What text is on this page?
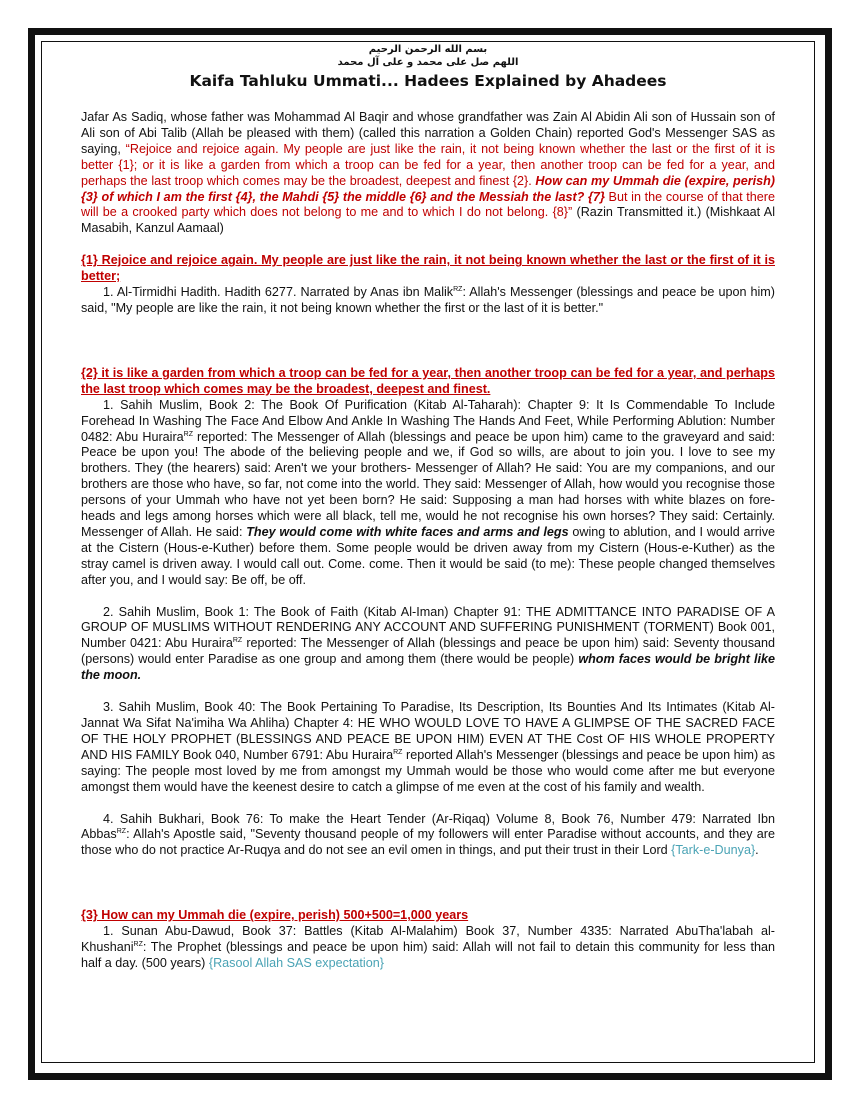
بسم الله الرحمن الرحيم
اللهم صل علی محمد و علی آل محمد
Kaifa Tahluku Ummati... Hadees Explained by Ahadees

Jafar As Sadiq, whose father was Mohammad Al Baqir and whose grandfather was Zain Al Abidin Ali son of Hussain son of Ali son of Abi Talib (Allah be pleased with them) (called this narration a Golden Chain) reported God's Messenger SAS as saying, “Rejoice and rejoice again. My people are just like the rain, it not being known whether the last or the first of it is better {1}; or it is like a garden from which a troop can be fed for a year, then another troop can be fed for a year, and perhaps the last troop which comes may be the broadest, deepest and finest {2}. How can my Ummah die (expire, perish) {3} of which I am the first {4}, the Mahdi {5} the middle {6} and the Messiah the last? {7} But in the course of that there will be a crooked party which does not belong to me and to which I do not belong. {8}” (Razin Transmitted it.) (Mishkaat Al Masabih, Kanzul Aamaal)

{1} Rejoice and rejoice again. My people are just like the rain, it not being known whether the last or the first of it is better;

1. Al-Tirmidhi Hadith. Hadith 6277. Narrated by Anas ibn Malik$^{RZ}$: Allah's Messenger (blessings and peace be upon him) said, "My people are like the rain, it not being known whether the first or the last of it is better."

{2} it is like a garden from which a troop can be fed for a year, then another troop can be fed for a year, and perhaps the last troop which comes may be the broadest, deepest and finest.

1. Sahih Muslim, Book 2: The Book Of Purification (Kitab Al-Taharah): Chapter 9: It Is Commendable To Include Forehead In Washing The Face And Elbow And Ankle In Washing The Hands And Feet, While Performing Ablution: Number 0482: Abu Huraira$^{RZ}$ reported: The Messenger of Allah (blessings and peace be upon him) came to the graveyard and said: Peace be upon you! The abode of the believing people and we, if God so wills, are about to join you. I love to see my brothers. They (the hearers) said: Aren't we your brothers- Messenger of Allah? He said: You are my companions, and our brothers are those who have, so far, not come into the world. They said: Messenger of Allah, how would you recognise those persons of your Ummah who have not yet been born? He said: Supposing a man had horses with white blazes on fore- heads and legs among horses which were all black, tell me, would he not recognise his own horses? They said: Certainly. Messenger of Allah. He said: They would come with white faces and arms and legs owing to ablution, and I would arrive at the Cistern (Hous-e-Kuther) before them. Some people would be driven away from my Cistern (Hous-e-Kuther) as the stray camel is driven away. I would call out. Come. come. Then it would be said (to me): These people changed themselves after you, and I would say: Be off, be off.

2. Sahih Muslim, Book 1: The Book of Faith (Kitab Al-Iman) Chapter 91: THE ADMITTANCE INTO PARADISE OF A GROUP OF MUSLIMS WITHOUT RENDERING ANY ACCOUNT AND SUFFERING PUNISHMENT (TORMENT) Book 001, Number 0421: Abu Huraira$^{RZ}$ reported: The Messenger of Allah (blessings and peace be upon him) said: Seventy thousand (persons) would enter Paradise as one group and among them (there would be people) whom faces would be bright like the moon.

3. Sahih Muslim, Book 40: The Book Pertaining To Paradise, Its Description, Its Bounties And Its Intimates (Kitab Al-Jannat Wa Sifat Na'imiha Wa Ahliha) Chapter 4: HE WHO WOULD LOVE TO HAVE A GLIMPSE OF THE SACRED FACE OF THE HOLY PROPHET (BLESSINGS AND PEACE BE UPON HIM) EVEN AT THE Cost OF HIS WHOLE PROPERTY AND HIS FAMILY Book 040, Number 6791: Abu Huraira$^{RZ}$ reported Allah's Messenger (blessings and peace be upon him) as saying: The people most loved by me from amongst my Ummah would be those who would come after me but everyone amongst them would have the keenest desire to catch a glimpse of me even at the cost of his family and wealth.

4. Sahih Bukhari, Book 76: To make the Heart Tender (Ar-Riqaq) Volume 8, Book 76, Number 479: Narrated Ibn Abbas$^{RZ}$: Allah's Apostle said, "Seventy thousand people of my followers will enter Paradise without accounts, and they are those who do not practice Ar-Ruqya and do not see an evil omen in things, and put their trust in their Lord {Tark-e-Dunya}.

{3} How can my Ummah die (expire, perish) 500+500=1,000 years

1. Sunan Abu-Dawud, Book 37: Battles (Kitab Al-Malahim) Book 37, Number 4335: Narrated AbuTha'labah al-Khushani$^{RZ}$: The Prophet (blessings and peace be upon him) said: Allah will not fail to detain this community for less than half a day. (500 years) {Rasool Allah SAS expectation}
